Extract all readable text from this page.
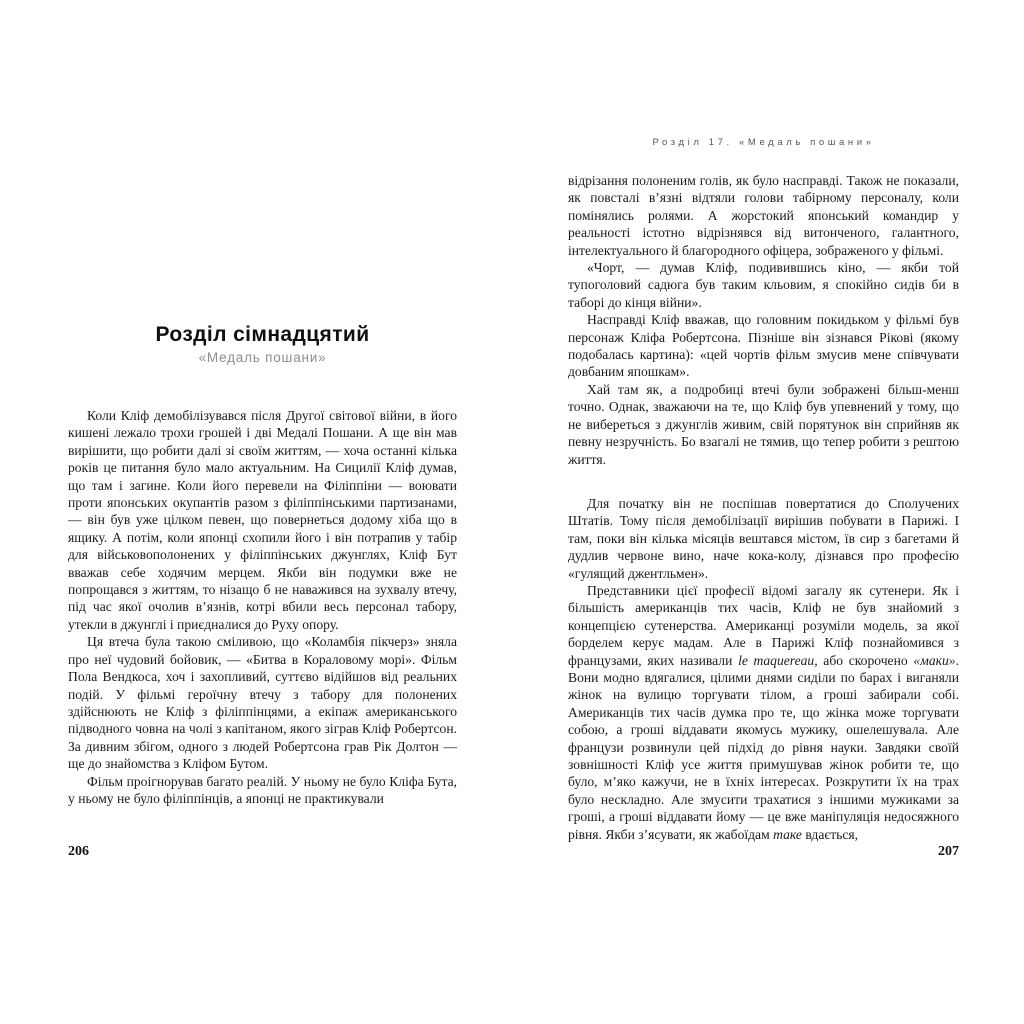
Розділ сімнадцятий
«Медаль пошани»

Коли Кліф демобілізувався після Другої світової війни, в його кишені лежало трохи грошей і дві Медалі Пошани. А ще він мав вирішити, що робити далі зі своїм життям, — хоча останні кілька років це питання було мало актуальним. На Сицилії Кліф думав, що там і загине. Коли його перевели на Філіппіни — воювати проти японських окупантів разом з філіппінськими партизанами, — він був уже цілком певен, що повернеться додому хіба що в ящику. А потім, коли японці схопили його і він потрапив у табір для військовополонених у філіппінських джунглях, Кліф Бут вважав себе ходячим мерцем. Якби він подумки вже не попрощався з життям, то нізащо б не наважився на зухвалу втечу, під час якої очолив в’язнів, котрі вбили весь персонал табору, утекли в джунглі і приєдналися до Руху опору.

Ця втеча була такою сміливою, що «Коламбія пікчерз» зняла про неї чудовий бойовик, — «Битва в Кораловому морі». Фільм Пола Вендкоса, хоч і захопливий, суттєво відійшов від реальних подій. У фільмі героїчну втечу з табору для полонених здійснюють не Кліф з філіппінцями, а екіпаж американського підводного човна на чолі з капітаном, якого зіграв Кліф Робертсон. За дивним збігом, одного з людей Робертсона грав Рік Долтон — ще до знайомства з Кліфом Бутом.

Фільм проігнорував багато реалій. У ньому не було Кліфа Бута, у ньому не було філіппінців, а японці не практикували

206
Розділ 17. «Медаль пошани»

відрізання полоненим голів, як було насправді. Також не показали, як повсталі в’язні відтяли голови табірному персоналу, коли помінялись ролями. А жорстокий японський командир у реальності істотно відрізнявся від витонченого, галантного, інтелектуального й благородного офіцера, зображеного у фільмі.

«Чорт, — думав Кліф, подивившись кіно, — якби той тупоголовий садюга був таким кльовим, я спокійно сидів би в таборі до кінця війни».

Насправді Кліф вважав, що головним покидьком у фільмі був персонаж Кліфа Робертсона. Пізніше він зізнався Рікові (якому подобалась картина): «цей чортів фільм змусив мене співчувати довбаним япошкам».

Хай там як, а подробиці втечі були зображені більш-менш точно. Однак, зважаючи на те, що Кліф був упевнений у тому, що не вибереться з джунглів живим, свій порятунок він сприйняв як певну незручність. Бо взагалі не тямив, що тепер робити з рештою життя.

Для початку він не поспішав повертатися до Сполучених Штатів. Тому після демобілізації вирішив побувати в Парижі. І там, поки він кілька місяців вештався містом, їв сир з багетами й дудлив червоне вино, наче кока-колу, дізнався про професію «гулящий джентльмен».

Представники цієї професії відомі загалу як сутенери. Як і більшість американців тих часів, Кліф не був знайомий з концепцією сутенерства. Американці розуміли модель, за якої борделем керує мадам. Але в Парижі Кліф познайомився з французами, яких називали le maquereau, або скорочено «маки». Вони модно вдягалися, цілими днями сиділи по барах і виганяли жінок на вулицю торгувати тілом, а гроші забирали собі. Американців тих часів думка про те, що жінка може торгувати собою, а гроші віддавати якомусь мужику, ошелешувала. Але французи розвинули цей підхід до рівня науки. Завдяки своїй зовнішності Кліф усе життя примушував жінок робити те, що було, м’яко кажучи, не в їхніх інтересах. Розкрутити їх на трах було нескладно. Але змусити трахатися з іншими мужиками за гроші, а гроші віддавати йому — це вже маніпуляція недосяжного рівня. Якби з’ясувати, як жабоїдам таке вдається,

207
